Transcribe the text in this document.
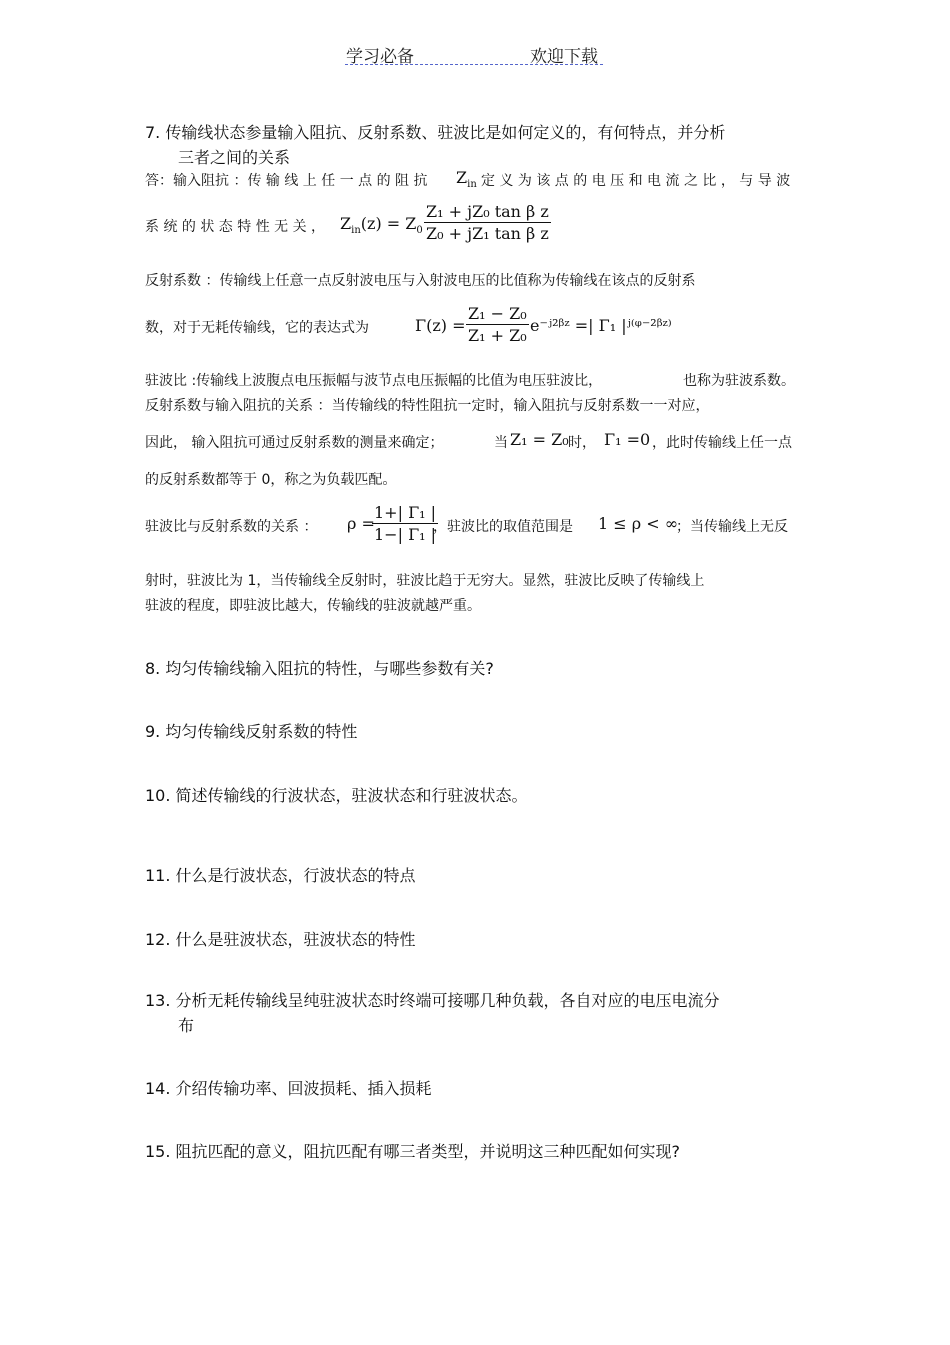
学习必备	欢迎下载
7. 传输线状态参量输入阻抗、反射系数、驻波比是如何定义的，有何特点，并分析
三者之间的关系
答：输入阻抗 ：传 输 线 上 任 一 点 的 阻 抗 $Z_{in}$ 定 义 为 该 点 的 电 压 和 电 流 之 比 ， 与 导 波
系 统 的 状 态 特 性 无 关 ， $Z_{in}(z) = Z_0$
Z₁ + jZ₀ tan β z
Z₀ + jZ₁ tan β z
反射系数 ：传输线上任意一点反射波电压与入射波电压的比值称为传输线在该点的反射系
数，对于无耗传输线，它的表达式为	Γ(z) =
Z₁ − Z₀
Z₁ + Z₀
e⁻ʲ²ᵝᶻ =| Γ₁ |ʲ⁽ᵠ⁻²ᵝᶻ⁾
驻波比 :传输线上波腹点电压振幅与波节点电压振幅的比值为电压驻波比，	也称为驻波系数。
反射系数与输入阻抗的关系 ：当传输线的特性阻抗一定时，输入阻抗与反射系数一一对应，
因此， 输入阻抗可通过反射系数的测量来确定；	当 Z₁ = Z₀ 时， Γ₁ =0 ，此时传输线上任一点
的反射系数都等于 0，称之为负载匹配。
驻波比与反射系数的关系 ： ρ =
1+| Γ₁ |
1−| Γ₁ |
，驻波比的取值范围是 1 ≤ ρ < ∞
；当传输线上无反
射时，驻波比为 1，当传输线全反射时，驻波比趋于无穷大。显然，驻波比反映了传输线上
驻波的程度，即驻波比越大，传输线的驻波就越严重。
8. 均匀传输线输入阻抗的特性，与哪些参数有关?
9. 均匀传输线反射系数的特性
10. 简述传输线的行波状态，驻波状态和行驻波状态。
11. 什么是行波状态，行波状态的特点
12. 什么是驻波状态，驻波状态的特性
13. 分析无耗传输线呈纯驻波状态时终端可接哪几种负载，各自对应的电压电流分
布
14. 介绍传输功率、回波损耗、插入损耗
15. 阻抗匹配的意义，阻抗匹配有哪三者类型，并说明这三种匹配如何实现?
